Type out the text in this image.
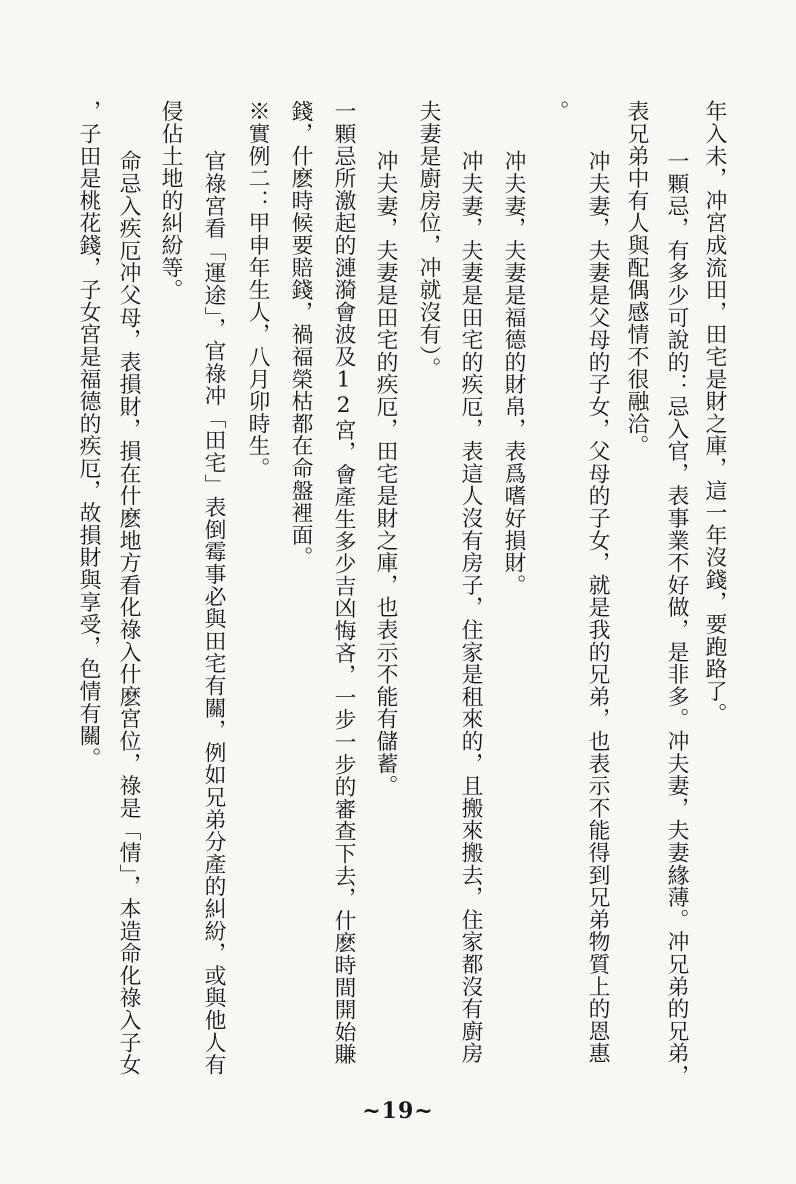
年入未，冲宮成流田，田宅是財之庫，這一年沒錢，要跑路了。
一顆忌，有多少可說的：忌入官，表事業不好做，是非多。冲夫妻，夫妻緣薄。冲兄弟的兄弟，
表兄弟中有人與配偶感情不很融洽。
冲夫妻，夫妻是父母的子女，父母的子女，就是我的兄弟，也表示不能得到兄弟物質上的恩惠
。
冲夫妻，夫妻是福德的財帛，表爲嗜好損財。
冲夫妻，夫妻是田宅的疾厄，表這人沒有房子，住家是租來的，且搬來搬去，住家都沒有廚房
夫妻是廚房位，冲就沒有）。
冲夫妻，夫妻是田宅的疾厄，田宅是財之庫，也表示不能有儲蓄。
一顆忌所激起的漣漪會波及12宮，會產生多少吉凶悔吝，一步一步的審查下去，什麽時間開始賺
錢，什麽時候要賠錢，禍福榮枯都在命盤裡面。
※實例二：甲申年生人，八月卯時生。
官祿宮看「運途」，官祿冲「田宅」表倒霉事必與田宅有關，例如兄弟分產的糾紛，或與他人有
侵佔土地的糾紛等。
命忌入疾厄冲父母，表損財，損在什麽地方看化祿入什麽宮位，祿是「情」，本造命化祿入子女
，子田是桃花錢，子女宮是福德的疾厄，故損財與享受，色情有關。
~19~
